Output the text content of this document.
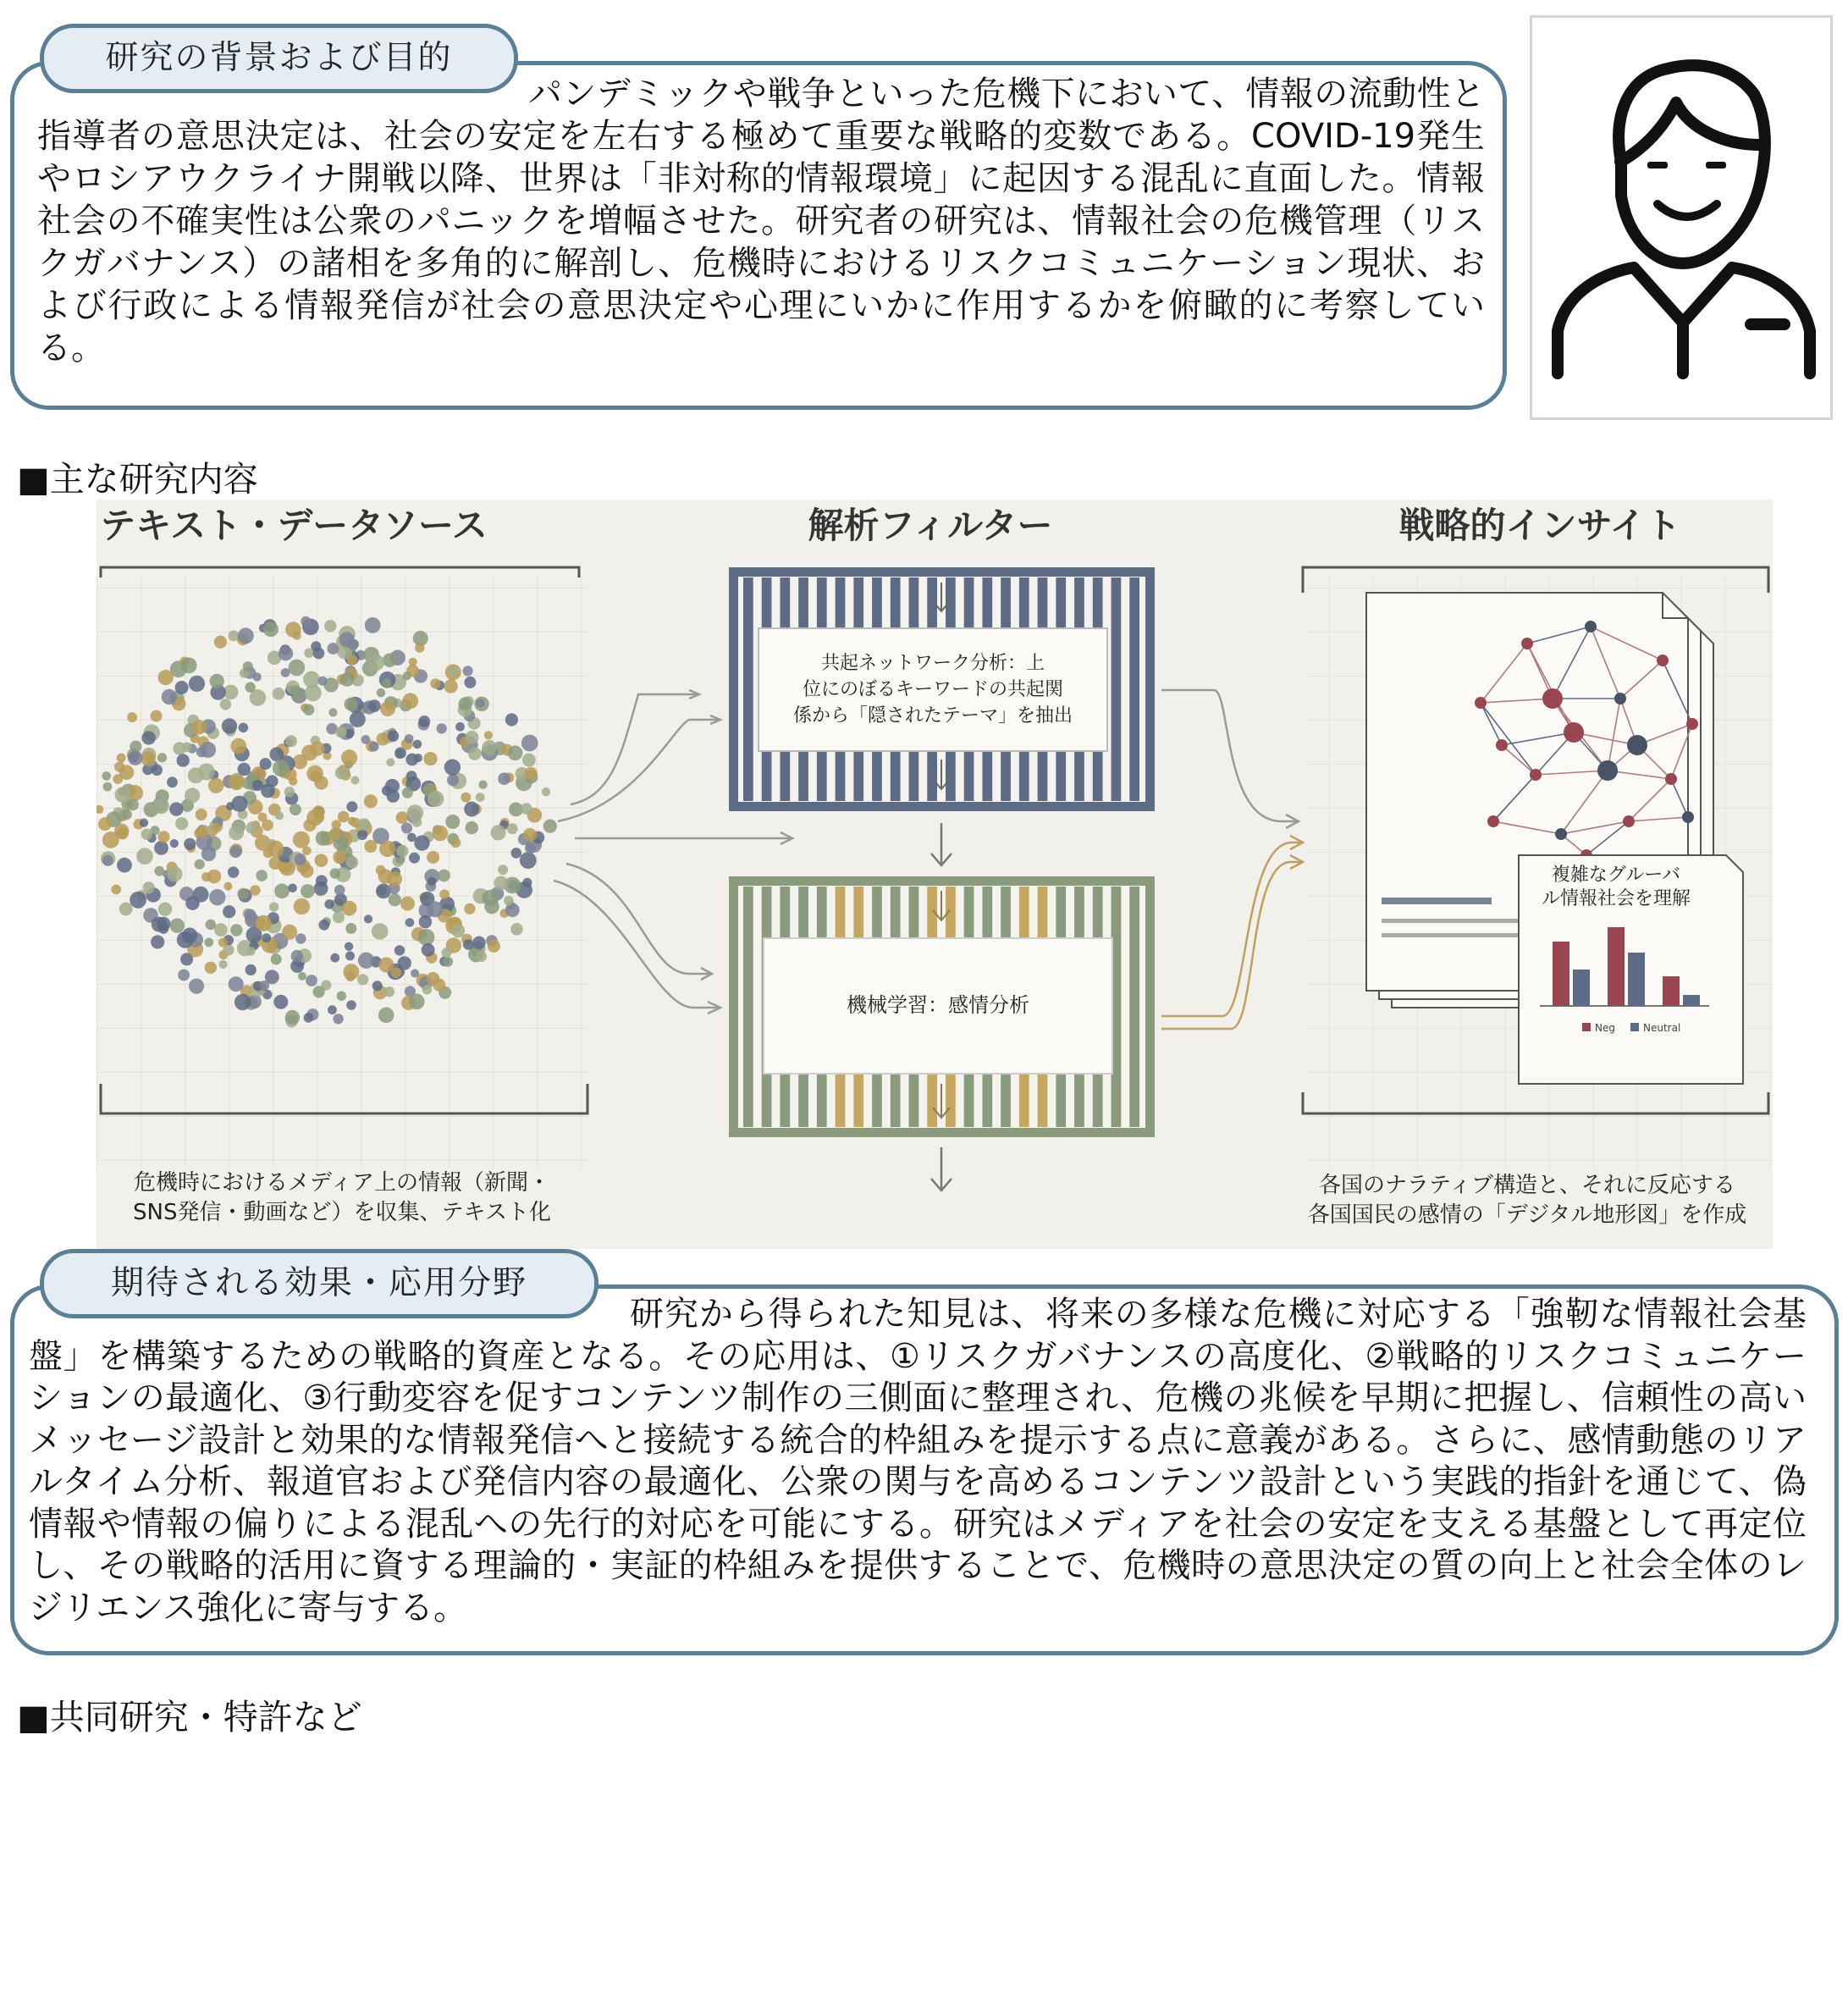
研究の背景および目的
パンデミックや戦争といった危機下において、情報の流動性と指導者の意思決定は、社会の安定を左右する極めて重要な戦略的変数である。COVID-19発生やロシアウクライナ開戦以降、世界は「非対称的情報環境」に起因する混乱に直面した。情報社会の不確実性は公衆のパニックを増幅させた。研究者の研究は、情報社会の危機管理（リスクガバナンス）の諸相を多角的に解剖し、危機時におけるリスクコミュニケーション現状、および行政による情報発信が社会の意思決定や心理にいかに作用するかを俯瞰的に考察している。
■主な研究内容
テキスト・データソース	解析フィルター	戦略的インサイト
共起ネットワーク分析：上
位にのぼるキーワードの共起関
係から「隠されたテーマ」を抽出
機械学習：感情分析
複雑なグルーバ
ル情報社会を理解
Neg	Neutral
危機時におけるメディア上の情報（新聞・
SNS発信・動画など）を収集、テキスト化
各国のナラティブ構造と、それに反応する
各国国民の感情の「デジタル地形図」を作成
期待される効果・応用分野
研究から得られた知見は、将来の多様な危機に対応する「強靭な情報社会基盤」を構築するための戦略的資産となる。その応用は、①リスクガバナンスの高度化、②戦略的リスクコミュニケーションの最適化、③行動変容を促すコンテンツ制作の三側面に整理され、危機の兆候を早期に把握し、信頼性の高いメッセージ設計と効果的な情報発信へと接続する統合的枠組みを提示する点に意義がある。さらに、感情動態のリアルタイム分析、報道官および発信内容の最適化、公衆の関与を高めるコンテンツ設計という実践的指針を通じて、偽情報や情報の偏りによる混乱への先行的対応を可能にする。研究はメディアを社会の安定を支える基盤として再定位し、その戦略的活用に資する理論的・実証的枠組みを提供することで、危機時の意思決定の質の向上と社会全体のレジリエンス強化に寄与する。
■共同研究・特許など
